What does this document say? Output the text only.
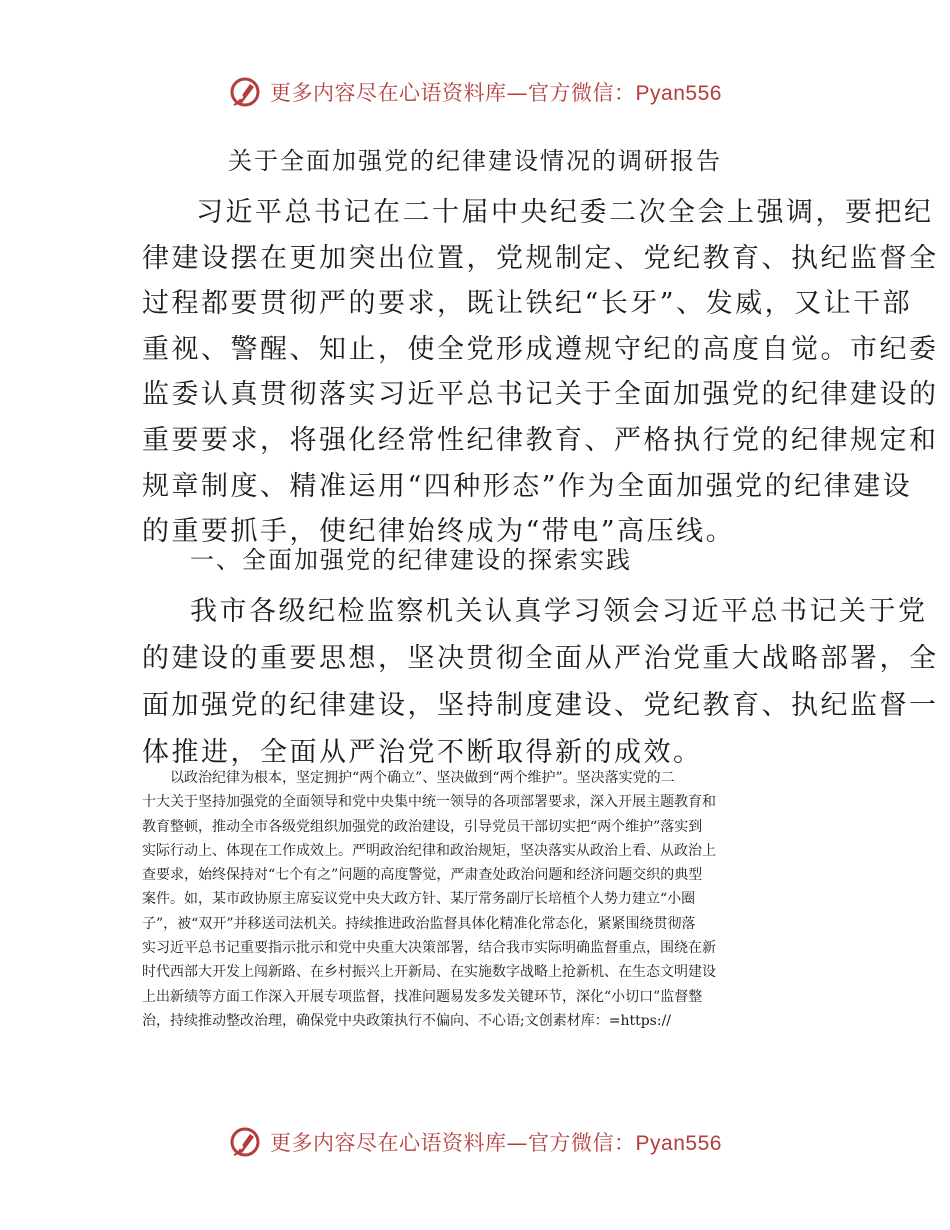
更多内容尽在心语资料库—官方微信：Pyan556
关于全面加强党的纪律建设情况的调研报告
习近平总书记在二十届中央纪委二次全会上强调，要把纪
律建设摆在更加突出位置，党规制定、党纪教育、执纪监督全
过程都要贯彻严的要求，既让铁纪“长牙”、发威，又让干部
重视、警醒、知止，使全党形成遵规守纪的高度自觉。市纪委
监委认真贯彻落实习近平总书记关于全面加强党的纪律建设的
重要要求，将强化经常性纪律教育、严格执行党的纪律规定和
规章制度、精准运用“四种形态”作为全面加强党的纪律建设
的重要抓手，使纪律始终成为“带电”高压线。
一、全面加强党的纪律建设的探索实践
我市各级纪检监察机关认真学习领会习近平总书记关于党
的建设的重要思想，坚决贯彻全面从严治党重大战略部署，全
面加强党的纪律建设，坚持制度建设、党纪教育、执纪监督一
体推进，全面从严治党不断取得新的成效。
以政治纪律为根本，坚定拥护“两个确立”、坚决做到“两个维护”。坚决落实党的二
十大关于坚持加强党的全面领导和党中央集中统一领导的各项部署要求，深入开展主题教育和
教育整顿，推动全市各级党组织加强党的政治建设，引导党员干部切实把“两个维护”落实到
实际行动上、体现在工作成效上。严明政治纪律和政治规矩，坚决落实从政治上看、从政治上
查要求，始终保持对“七个有之”问题的高度警觉，严肃查处政治问题和经济问题交织的典型
案件。如，某市政协原主席妄议党中央大政方针、某厅常务副厅长培植个人势力建立“小圈
子”，被“双开”并移送司法机关。持续推进政治监督具体化精准化常态化，紧紧围绕贯彻落
实习近平总书记重要指示批示和党中央重大决策部署，结合我市实际明确监督重点，围绕在新
时代西部大开发上闯新路、在乡村振兴上开新局、在实施数字战略上抢新机、在生态文明建设
上出新绩等方面工作深入开展专项监督，找准问题易发多发关键环节，深化“小切口”监督整
治，持续推动整改治理，确保党中央政策执行不偏向、不心语;文创素材库：=https://
更多内容尽在心语资料库—官方微信：Pyan556
